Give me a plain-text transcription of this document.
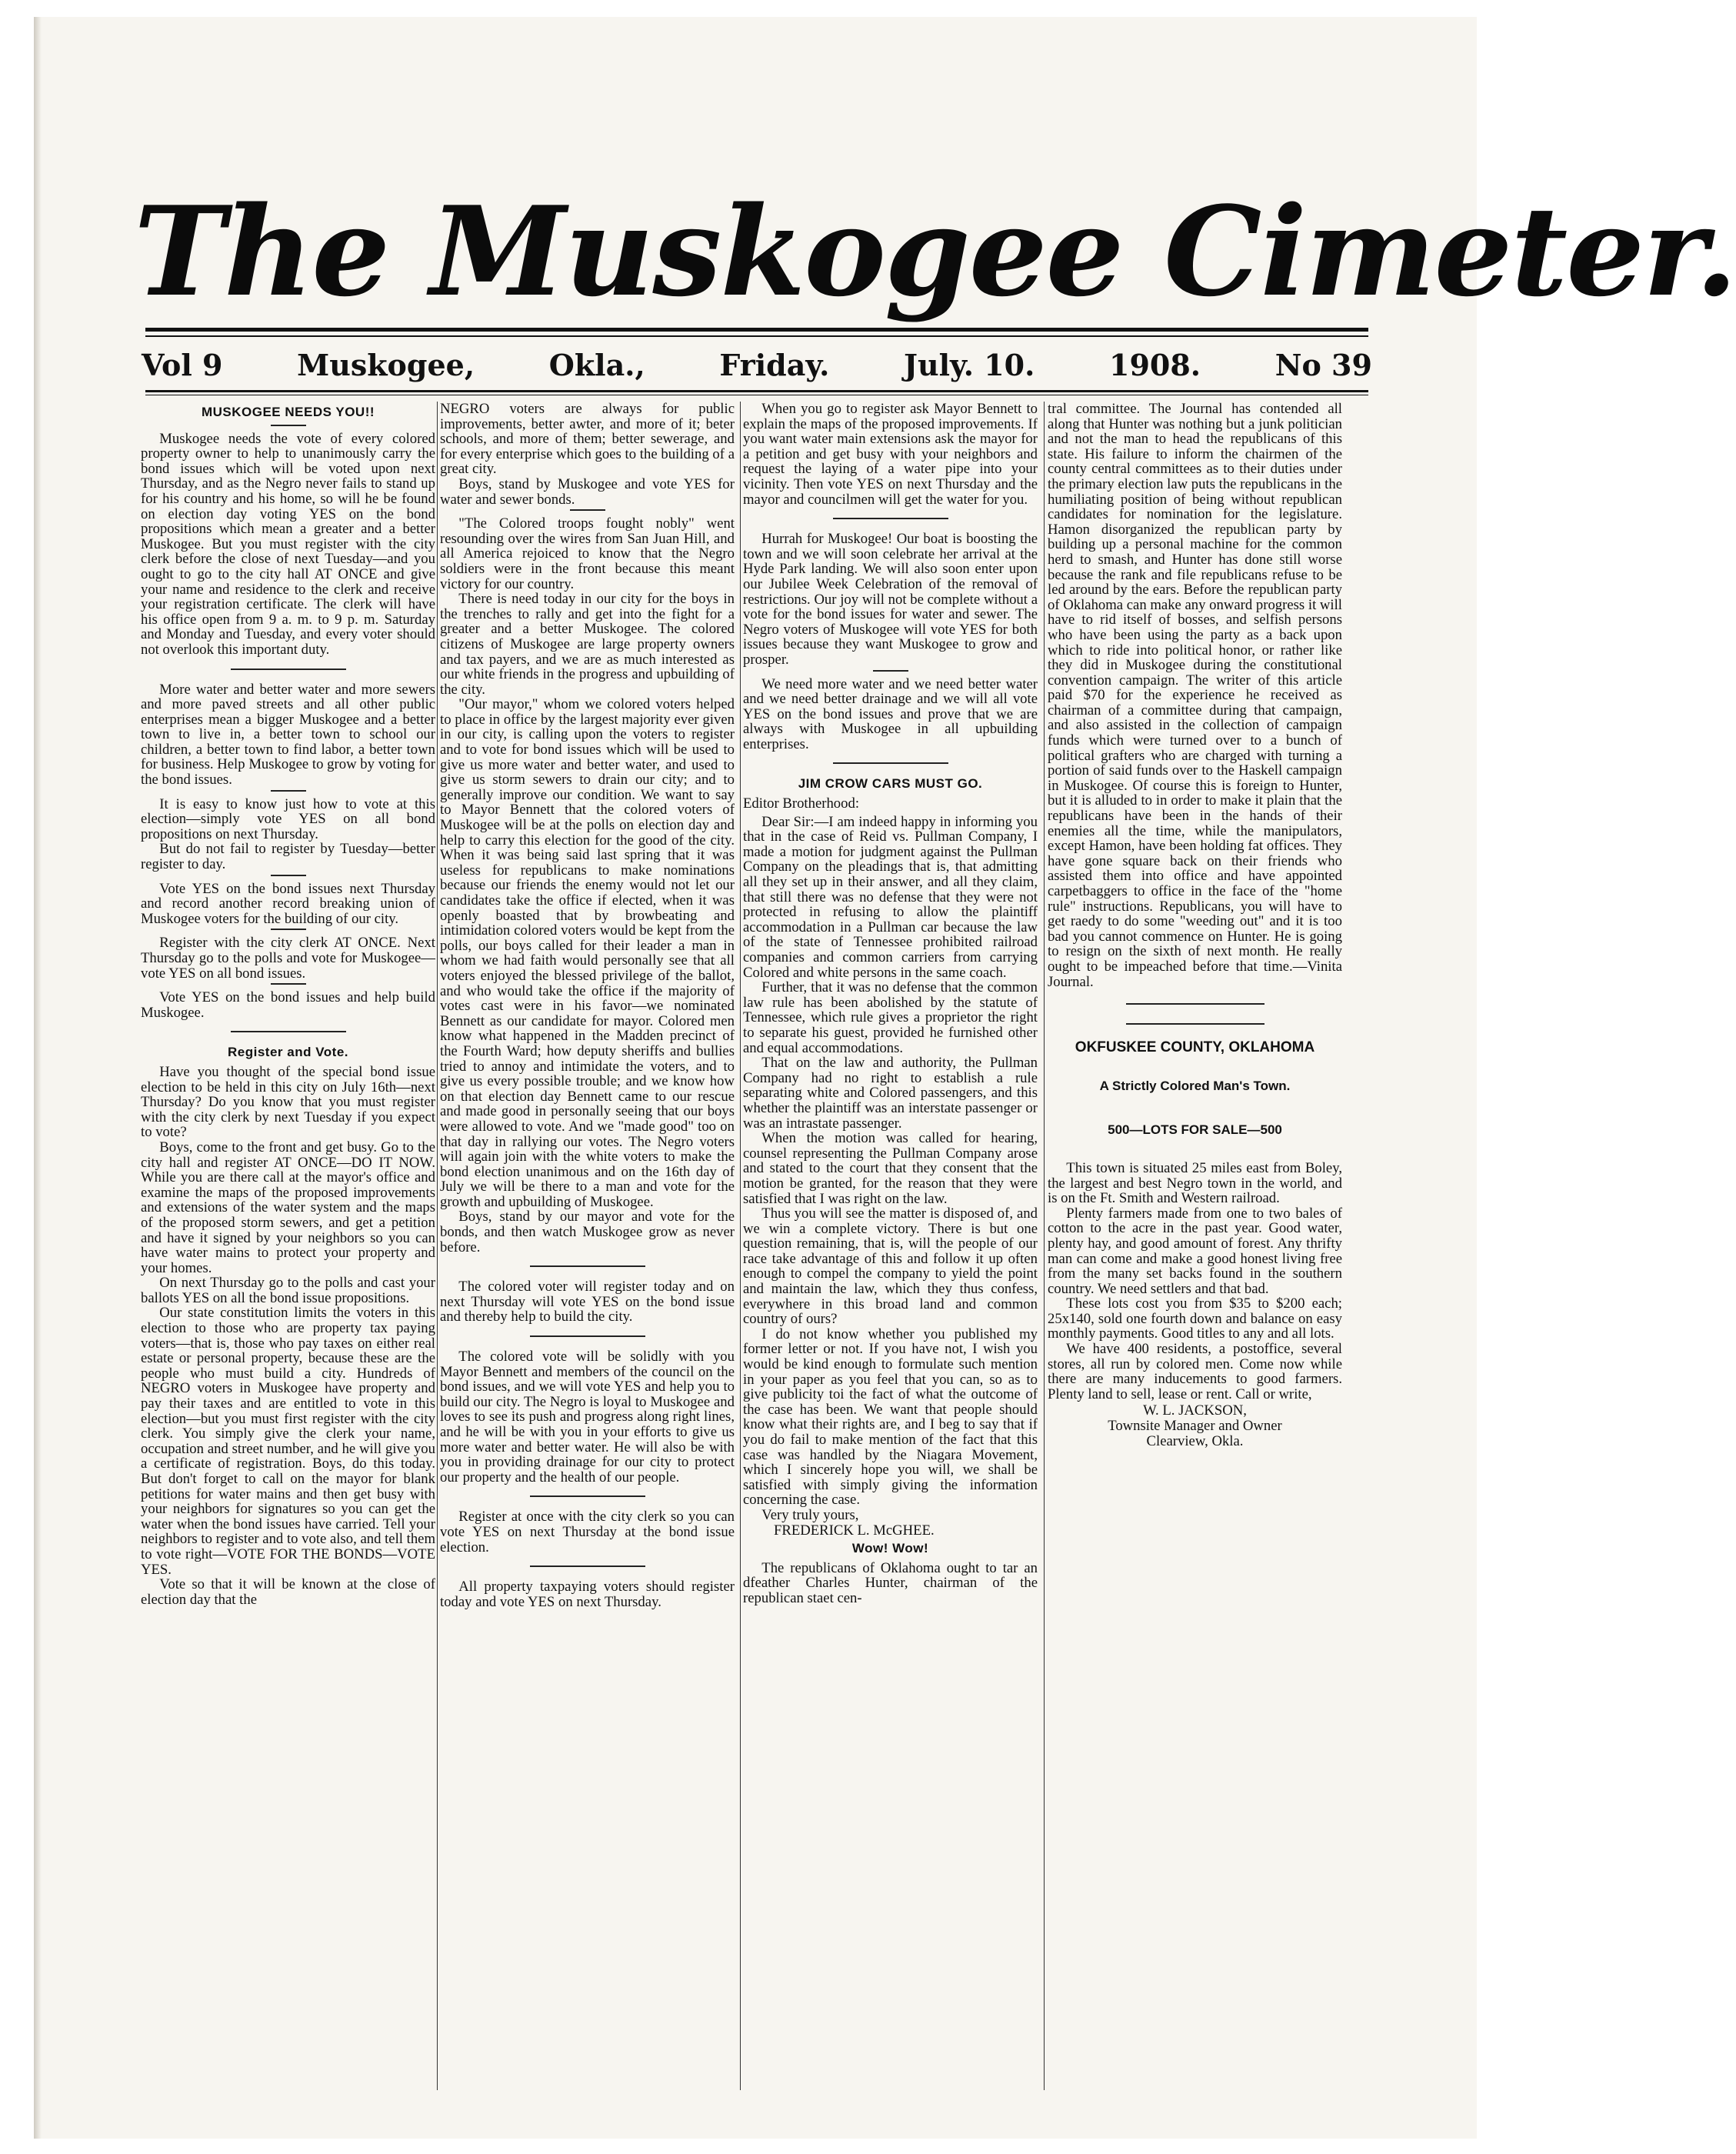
The Muskogee Cimeter.
Vol 9	Muskogee,	Okla.,	Friday.	July. 10.	1908.	No 39
MUSKOGEE NEEDS YOU!!

Muskogee needs the vote of every colored property owner to help to unanimously carry the bond issues which will be voted upon next Thursday, and as the Negro never fails to stand up for his country and his home, so will he be found on election day voting YES on the bond propositions which mean a greater and a better Muskogee. But you must register with the city clerk before the close of next Tuesday—and you ought to go to the city hall AT ONCE and give your name and residence to the clerk and receive your registration certificate. The clerk will have his office open from 9 a. m. to 9 p. m. Saturday and Monday and Tuesday, and every voter should not overlook this important duty.

More water and better water and more sewers and more paved streets and all other public enterprises mean a bigger Muskogee and a better town to live in, a better town to school our children, a better town to find labor, a better town for business. Help Muskogee to grow by voting for the bond issues.

It is easy to know just how to vote at this election—simply vote YES on all bond propositions on next Thursday.

But do not fail to register by Tuesday—better register to day.

Vote YES on the bond issues next Thursday and record another record breaking union of Muskogee voters for the building of our city.

Register with the city clerk AT ONCE. Next Thursday go to the polls and vote for Muskogee—vote YES on all bond issues.

Vote YES on the bond issues and help build Muskogee.

Register and Vote.

Have you thought of the special bond issue election to be held in this city on July 16th—next Thursday? Do you know that you must register with the city clerk by next Tuesday if you expect to vote?

Boys, come to the front and get busy. Go to the city hall and register AT ONCE—DO IT NOW. While you are there call at the mayor's office and examine the maps of the proposed improvements and extensions of the water system and the maps of the proposed storm sewers, and get a petition and have it signed by your neighbors so you can have water mains to protect your property and your homes.

On next Thursday go to the polls and cast your ballots YES on all the bond issue propositions.

Our state constitution limits the voters in this election to those who are property tax paying voters—that is, those who pay taxes on either real estate or personal property, because these are the people who must build a city. Hundreds of NEGRO voters in Muskogee have property and pay their taxes and are entitled to vote in this election—but you must first register with the city clerk. You simply give the clerk your name, occupation and street number, and he will give you a certificate of registration. Boys, do this today. But don't forget to call on the mayor for blank petitions for water mains and then get busy with your neighbors for signatures so you can get the water when the bond issues have carried. Tell your neighbors to register and to vote also, and tell them to vote right—VOTE FOR THE BONDS—VOTE YES.

Vote so that it will be known at the close of election day that the

NEGRO voters are always for public improvements, better awter, and more of it; beter schools, and more of them; better sewerage, and for every enterprise which goes to the building of a great city.

Boys, stand by Muskogee and vote YES for water and sewer bonds.

"The Colored troops fought nobly" went resounding over the wires from San Juan Hill, and all America rejoiced to know that the Negro soldiers were in the front because this meant victory for our country.

There is need today in our city for the boys in the trenches to rally and get into the fight for a greater and a better Muskogee. The colored citizens of Muskogee are large property owners and tax payers, and we are as much interested as our white friends in the progress and upbuilding of the city.

"Our mayor," whom we colored voters helped to place in office by the largest majority ever given in our city, is calling upon the voters to register and to vote for bond issues which will be used to give us more water and better water, and used to give us storm sewers to drain our city; and to generally improve our condition. We want to say to Mayor Bennett that the colored voters of Muskogee will be at the polls on election day and help to carry this election for the good of the city. When it was being said last spring that it was useless for republicans to make nominations because our friends the enemy would not let our candidates take the office if elected, when it was openly boasted that by browbeating and intimidation colored voters would be kept from the polls, our boys called for their leader a man in whom we had faith would personally see that all voters enjoyed the blessed privilege of the ballot, and who would take the office if the majority of votes cast were in his favor—we nominated Bennett as our candidate for mayor. Colored men know what happened in the Madden precinct of the Fourth Ward; how deputy sheriffs and bullies tried to annoy and intimidate the voters, and to give us every possible trouble; and we know how on that election day Bennett came to our rescue and made good in personally seeing that our boys were allowed to vote. And we "made good" too on that day in rallying our votes. The Negro voters will again join with the white voters to make the bond election unanimous and on the 16th day of July we will be there to a man and vote for the growth and upbuilding of Muskogee.

Boys, stand by our mayor and vote for the bonds, and then watch Muskogee grow as never before.

The colored voter will register today and on next Thursday will vote YES on the bond issue and thereby help to build the city.

The colored vote will be solidly with you Mayor Bennett and members of the council on the bond issues, and we will vote YES and help you to build our city. The Negro is loyal to Muskogee and loves to see its push and progress along right lines, and he will be with you in your efforts to give us more water and better water. He will also be with you in providing drainage for our city to protect our property and the health of our people.

Register at once with the city clerk so you can vote YES on next Thursday at the bond issue election.

All property taxpaying voters should register today and vote YES on next Thursday.

When you go to register ask Mayor Bennett to explain the maps of the proposed improvements. If you want water main extensions ask the mayor for a petition and get busy with your neighbors and request the laying of a water pipe into your vicinity. Then vote YES on next Thursday and the mayor and councilmen will get the water for you.

Hurrah for Muskogee! Our boat is boosting the town and we will soon celebrate her arrival at the Hyde Park landing. We will also soon enter upon our Jubilee Week Celebration of the removal of restrictions. Our joy will not be complete without a vote for the bond issues for water and sewer. The Negro voters of Muskogee will vote YES for both issues because they want Muskogee to grow and prosper.

We need more water and we need better water and we need better drainage and we will all vote YES on the bond issues and prove that we are always with Muskogee in all upbuilding enterprises.

JIM CROW CARS MUST GO.
Editor Brotherhood:

Dear Sir:—I am indeed happy in informing you that in the case of Reid vs. Pullman Company, I made a motion for judgment against the Pullman Company on the pleadings that is, that admitting all they set up in their answer, and all they claim, that still there was no defense that they were not protected in refusing to allow the plaintiff accommodation in a Pullman car because the law of the state of Tennessee prohibited railroad companies and common carriers from carrying Colored and white persons in the same coach.

Further, that it was no defense that the common law rule has been abolished by the statute of Tennessee, which rule gives a proprietor the right to separate his guest, provided he furnished other and equal accommodations.

That on the law and authority, the Pullman Company had no right to establish a rule separating white and Colored passengers, and this whether the plaintiff was an interstate passenger or was an intrastate passenger.

When the motion was called for hearing, counsel representing the Pullman Company arose and stated to the court that they consent that the motion be granted, for the reason that they were satisfied that I was right on the law.

Thus you will see the matter is disposed of, and we win a complete victory. There is but one question remaining, that is, will the people of our race take advantage of this and follow it up often enough to compel the company to yield the point and maintain the law, which they thus confess, everywhere in this broad land and common country of ours?

I do not know whether you published my former letter or not. If you have not, I wish you would be kind enough to formulate such mention in your paper as you feel that you can, so as to give publicity toi the fact of what the outcome of the case has been. We want that people should know what their rights are, and I beg to say that if you do fail to make mention of the fact that this case was handled by the Niagara Movement, which I sincerely hope you will, we shall be satisfied with simply giving the information concerning the case.

Very truly yours,
FREDERICK L. McGHEE.
Wow! Wow!

The republicans of Oklahoma ought to tar an dfeather Charles Hunter, chairman of the republican staet cen-

tral committee. The Journal has contended all along that Hunter was nothing but a junk politician and not the man to head the republicans of this state. His failure to inform the chairmen of the county central committees as to their duties under the primary election law puts the republicans in the humiliating position of being without republican candidates for nomination for the legislature. Hamon disorganized the republican party by building up a personal machine for the common herd to smash, and Hunter has done still worse because the rank and file republicans refuse to be led around by the ears. Before the republican party of Oklahoma can make any onward progress it will have to rid itself of bosses, and selfish persons who have been using the party as a back upon which to ride into political honor, or rather like they did in Muskogee during the constitutional convention campaign. The writer of this article paid $70 for the experience he received as chairman of a committee during that campaign, and also assisted in the collection of campaign funds which were turned over to a bunch of political grafters who are charged with turning a portion of said funds over to the Haskell campaign in Muskogee. Of course this is foreign to Hunter, but it is alluded to in order to make it plain that the republicans have been in the hands of their enemies all the time, while the manipulators, except Hamon, have been holding fat offices. They have gone square back on their friends who assisted them into office and have appointed carpetbaggers to office in the face of the "home rule" instructions. Republicans, you will have to get raedy to do some "weeding out" and it is too bad you cannot commence on Hunter. He is going to resign on the sixth of next month. He really ought to be impeached before that time.—Vinita Journal.

OKFUSKEE COUNTY, OKLAHOMA
A Strictly Colored Man's Town.
500—LOTS FOR SALE—500

This town is situated 25 miles east from Boley, the largest and best Negro town in the world, and is on the Ft. Smith and Western railroad.

Plenty farmers made from one to two bales of cotton to the acre in the past year. Good water, plenty hay, and good amount of forest. Any thrifty man can come and make a good honest living free from the many set backs found in the southern country. We need settlers and that bad.

These lots cost you from $35 to $200 each; 25x140, sold one fourth down and balance on easy monthly payments. Good titles to any and all lots.

We have 400 residents, a postoffice, several stores, all run by colored men. Come now while there are many inducements to good farmers. Plenty land to sell, lease or rent. Call or write,

W. L. JACKSON,
Townsite Manager and Owner
Clearview, Okla.
